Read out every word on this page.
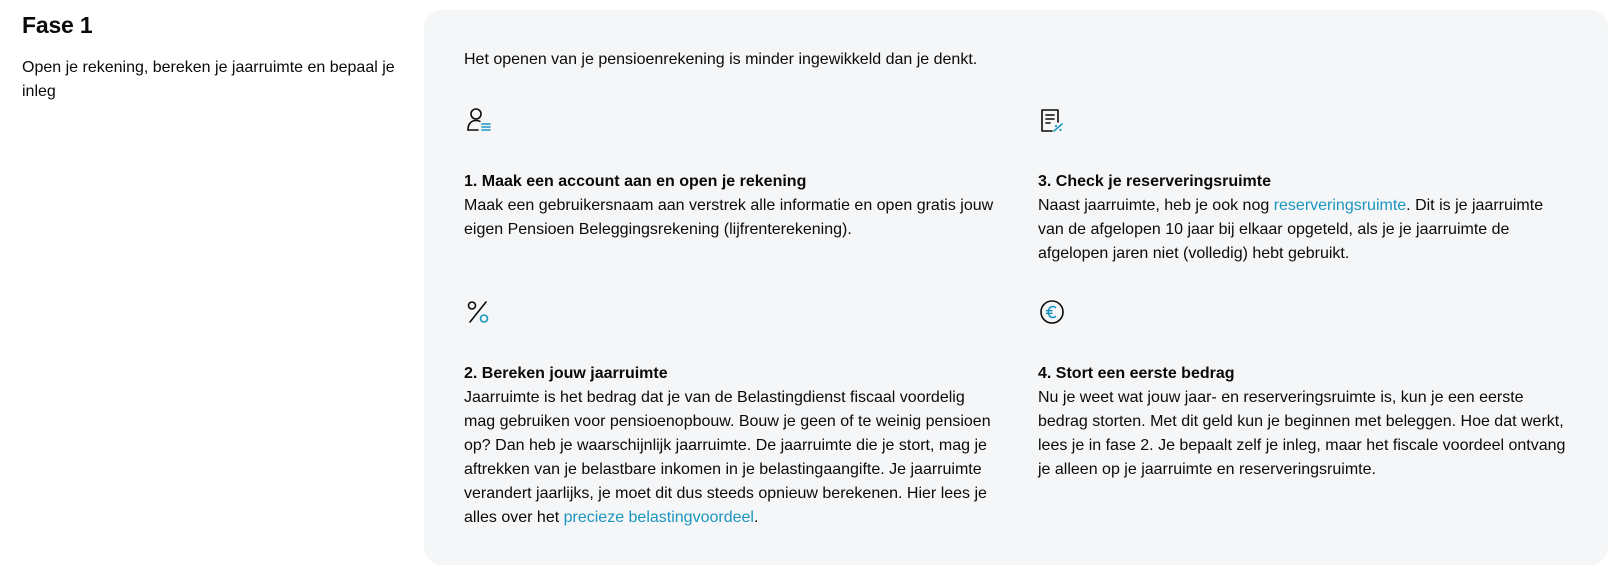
Fase 1

Open je rekening, bereken je jaarruimte en bepaal je inleg

Het openen van je pensioenrekening is minder ingewikkeld dan je denkt.

1. Maak een account aan en open je rekening

Maak een gebruikersnaam aan verstrek alle informatie en open gratis jouw eigen Pensioen Beleggingsrekening (lijfrenterekening).

3. Check je reserveringsruimte

Naast jaarruimte, heb je ook nog reserveringsruimte. Dit is je jaarruimte van de afgelopen 10 jaar bij elkaar opgeteld, als je je jaarruimte de afgelopen jaren niet (volledig) hebt gebruikt.

2. Bereken jouw jaarruimte

Jaarruimte is het bedrag dat je van de Belastingdienst fiscaal voordelig mag gebruiken voor pensioenopbouw. Bouw je geen of te weinig pensioen op? Dan heb je waarschijnlijk jaarruimte. De jaarruimte die je stort, mag je aftrekken van je belastbare inkomen in je belastingaangifte. Je jaarruimte verandert jaarlijks, je moet dit dus steeds opnieuw berekenen. Hier lees je alles over het precieze belastingvoordeel.

4. Stort een eerste bedrag

Nu je weet wat jouw jaar- en reserveringsruimte is, kun je een eerste bedrag storten. Met dit geld kun je beginnen met beleggen. Hoe dat werkt, lees je in fase 2. Je bepaalt zelf je inleg, maar het fiscale voordeel ontvang je alleen op je jaarruimte en reserveringsruimte.
